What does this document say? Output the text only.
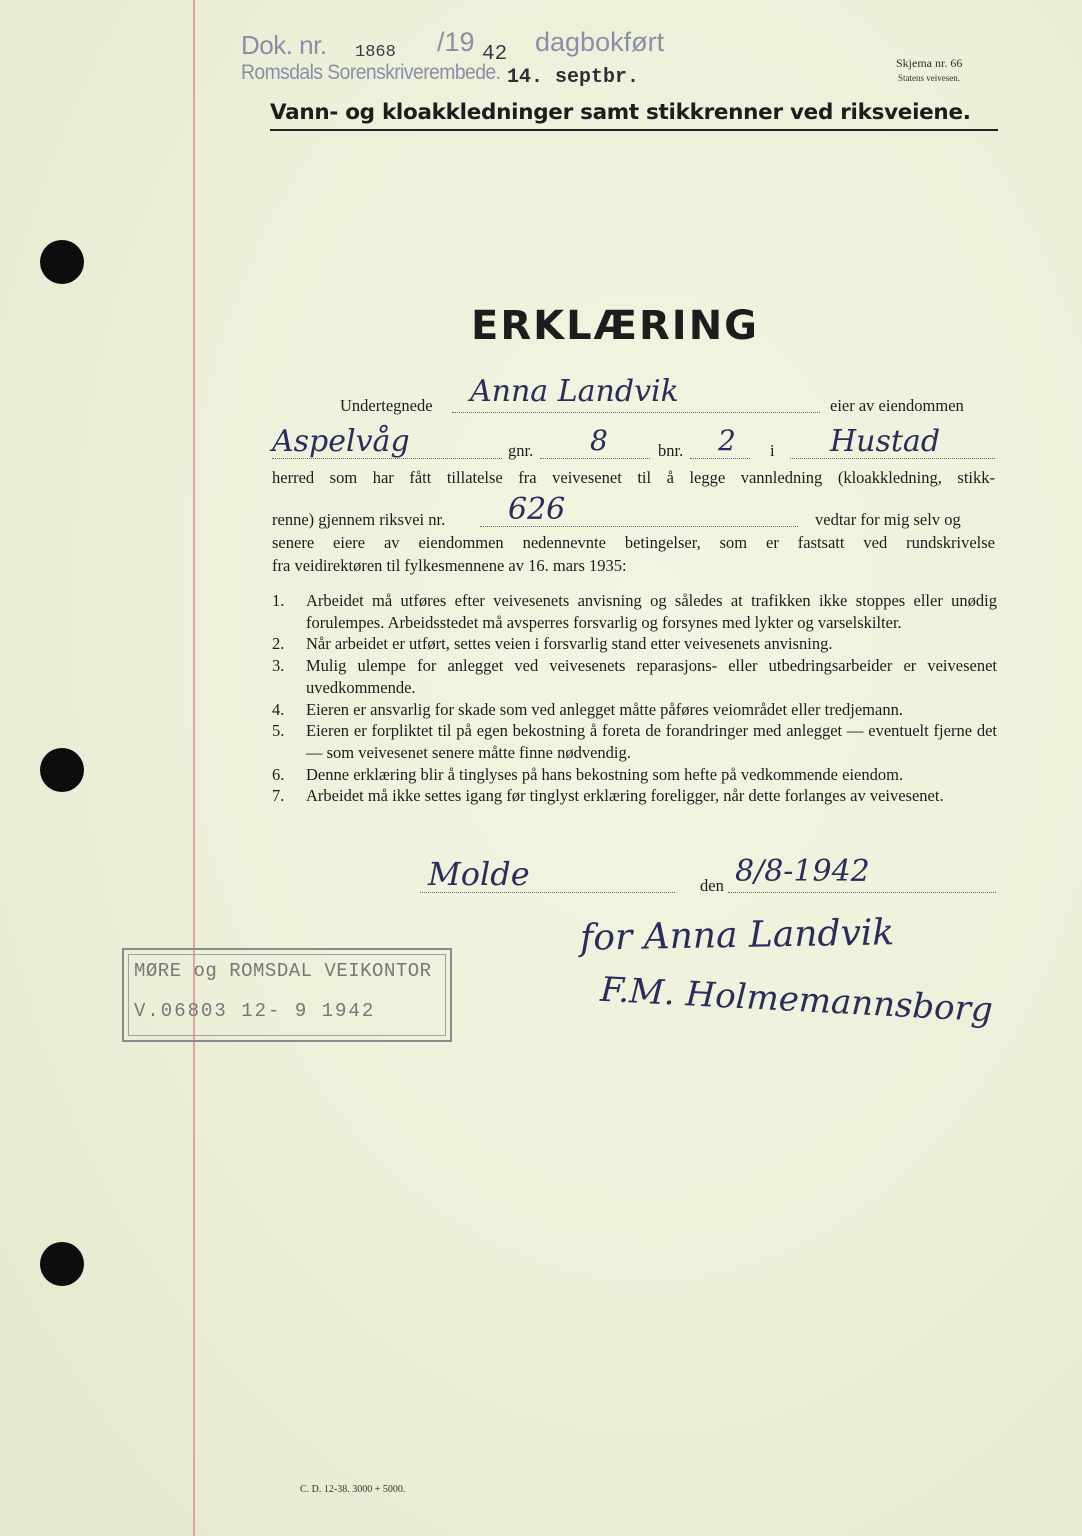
Dok. nr. 1868 /19 42 dagbokført
Romsdals Sorenskriverembede. 14. septbr.
Skjema nr. 66
Statens veivesen.
Vann- og kloakkledninger samt stikkrenner ved riksveiene.
ERKLÆRING
Undertegnede Anna Landvik	eier av eiendommen
Aspelvåg	gnr. 8	bnr. 2 i Hustad
herred som har fått tillatelse fra veivesenet til å legge vannledning (kloakkledning, stikk-
renne) gjennem riksvei nr. 626	vedtar for mig selv og
senere eiere av eiendommen nedennevnte betingelser, som er fastsatt ved rundskrivelse
fra veidirektøren til fylkesmennene av 16. mars 1935:
1. Arbeidet må utføres efter veivesenets anvisning og således at trafikken ikke stoppes eller unødig forulempes. Arbeidsstedet må avsperres forsvarlig og forsynes med lykter og varselskilter.
2. Når arbeidet er utført, settes veien i forsvarlig stand etter veivesenets anvisning.
3. Mulig ulempe for anlegget ved veivesenets reparasjons- eller utbedringsarbeider er veivesenet uvedkommende.
4. Eieren er ansvarlig for skade som ved anlegget måtte påføres veiområdet eller tredjemann.
5. Eieren er forpliktet til på egen bekostning å foreta de forandringer med anlegget — eventuelt fjerne det — som veivesenet senere måtte finne nødvendig.
6. Denne erklæring blir å tinglyses på hans bekostning som hefte på vedkommende eiendom.
7. Arbeidet må ikke settes igang før tinglyst erklæring foreligger, når dette forlanges av veivesenet.
Molde	den 8/8-1942
for Anna Landvik
F.M. Holmemannsborg
MØRE og ROMSDAL VEIKONTOR
V.06803 12- 9 1942
C. D. 12-38. 3000 + 5000.
